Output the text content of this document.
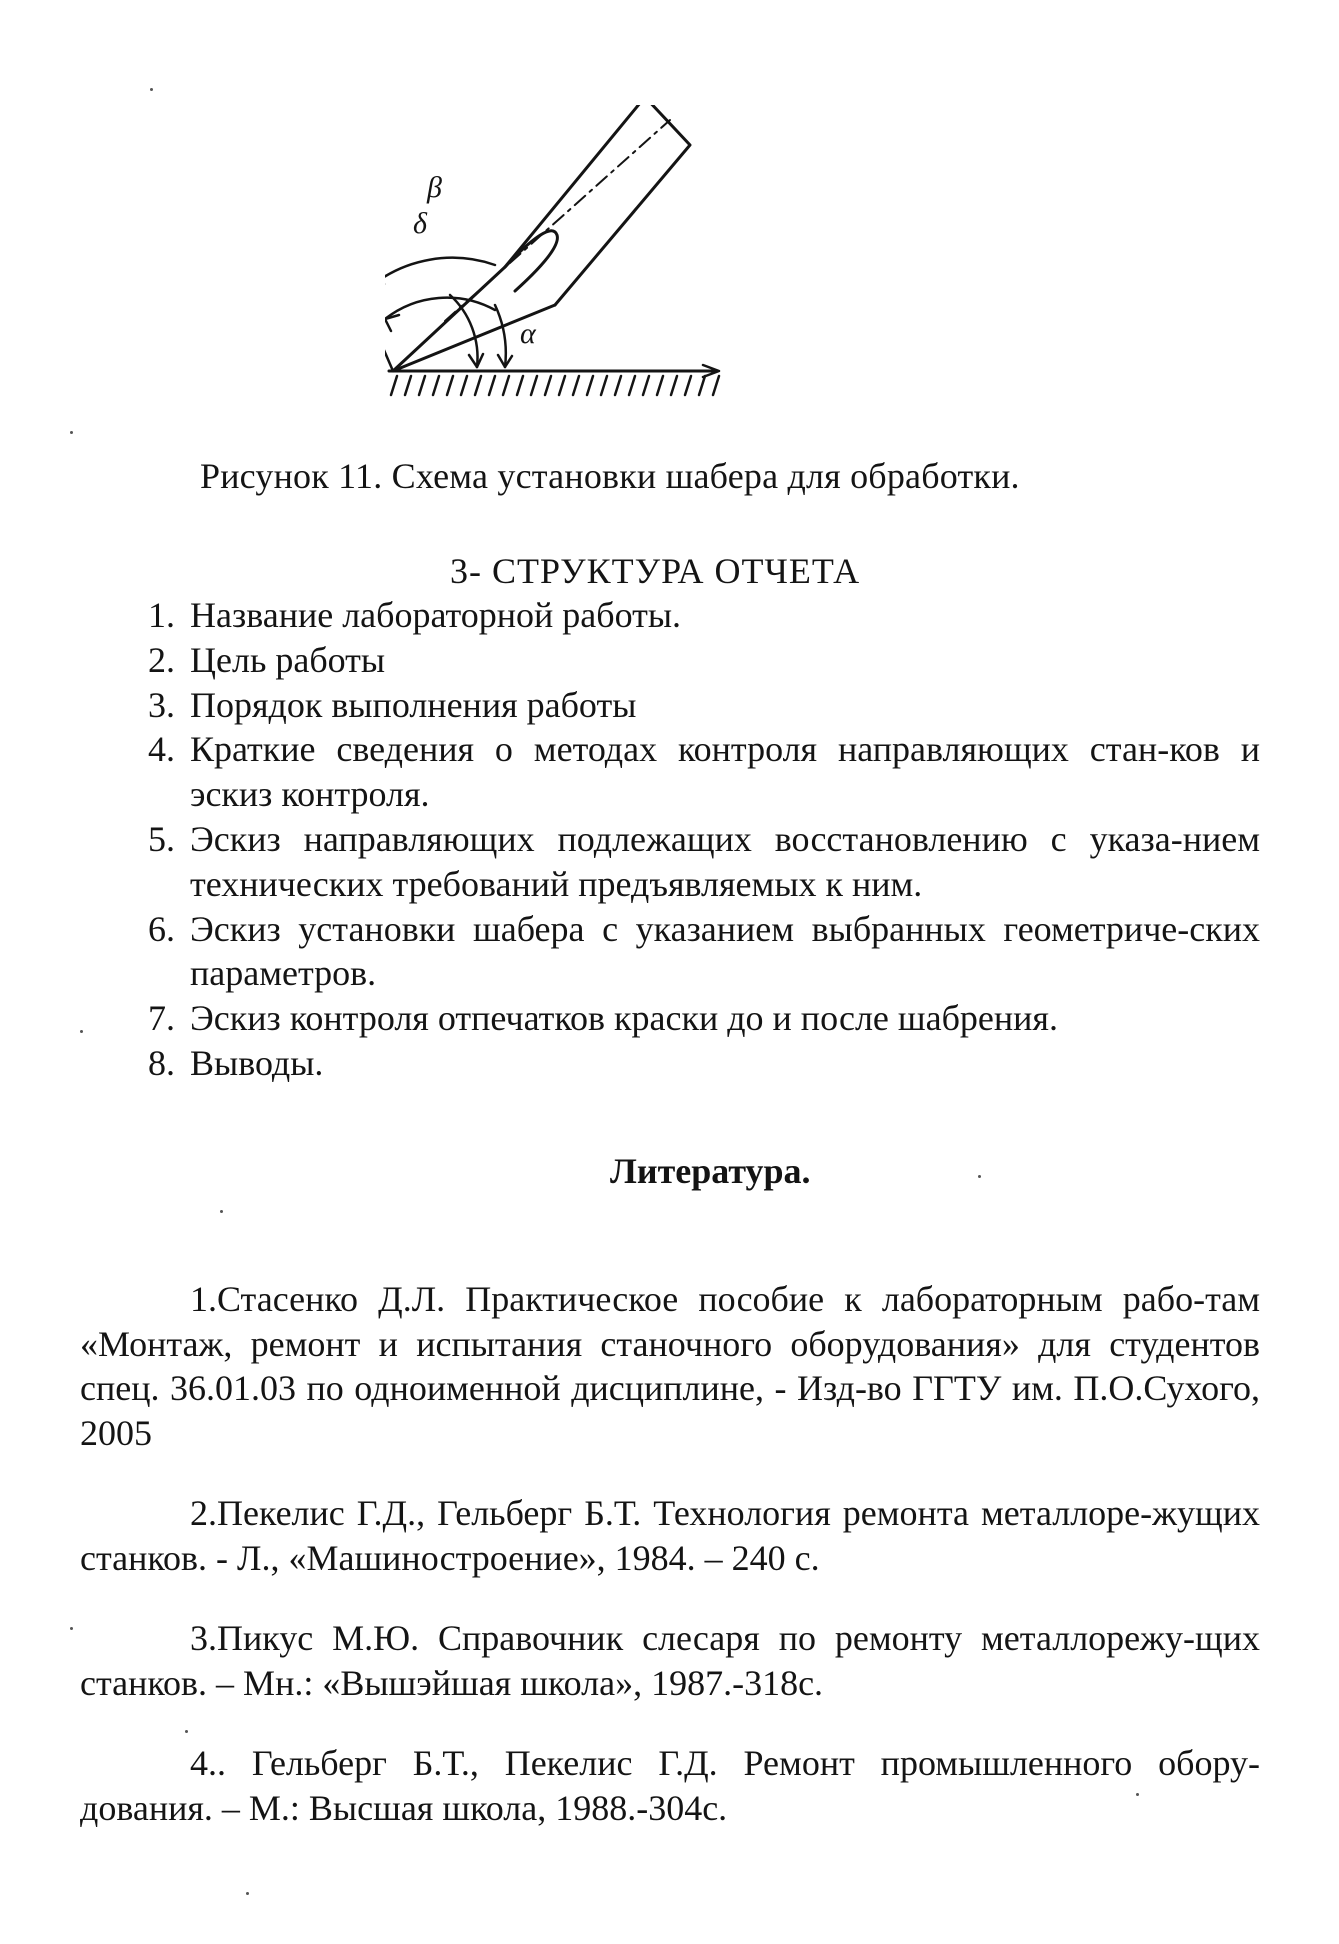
β
δ
α
Рисунок 11. Схема установки шабера для обработки.
3- СТРУКТУРА ОТЧЕТА
1. Название лабораторной работы.
2. Цель работы
3. Порядок выполнения работы
4. Краткие сведения о методах контроля направляющих стан-ков и эскиз контроля.
5. Эскиз направляющих подлежащих восстановлению с указа-нием технических требований предъявляемых к ним.
6. Эскиз установки шабера с указанием выбранных геометриче-ских параметров.
7. Эскиз контроля отпечатков краски до и после шабрения.
8. Выводы.
Литература.

1.Стасенко Д.Л. Практическое пособие к лабораторным рабо-там «Монтаж, ремонт и испытания станочного оборудования» для студентов спец. 36.01.03 по одноименной дисциплине, - Изд-во ГГТУ им. П.О.Сухого, 2005

2.Пекелис Г.Д., Гельберг Б.Т. Технология ремонта металлоре-жущих станков. - Л., «Машиностроение», 1984. – 240 с.

3.Пикус М.Ю. Справочник слесаря по ремонту металлорежу-щих станков. – Мн.: «Вышэйшая школа», 1987.-318с.

4.. Гельберг Б.Т., Пекелис Г.Д. Ремонт промышленного обору-дования. – М.: Высшая школа, 1988.-304с.
